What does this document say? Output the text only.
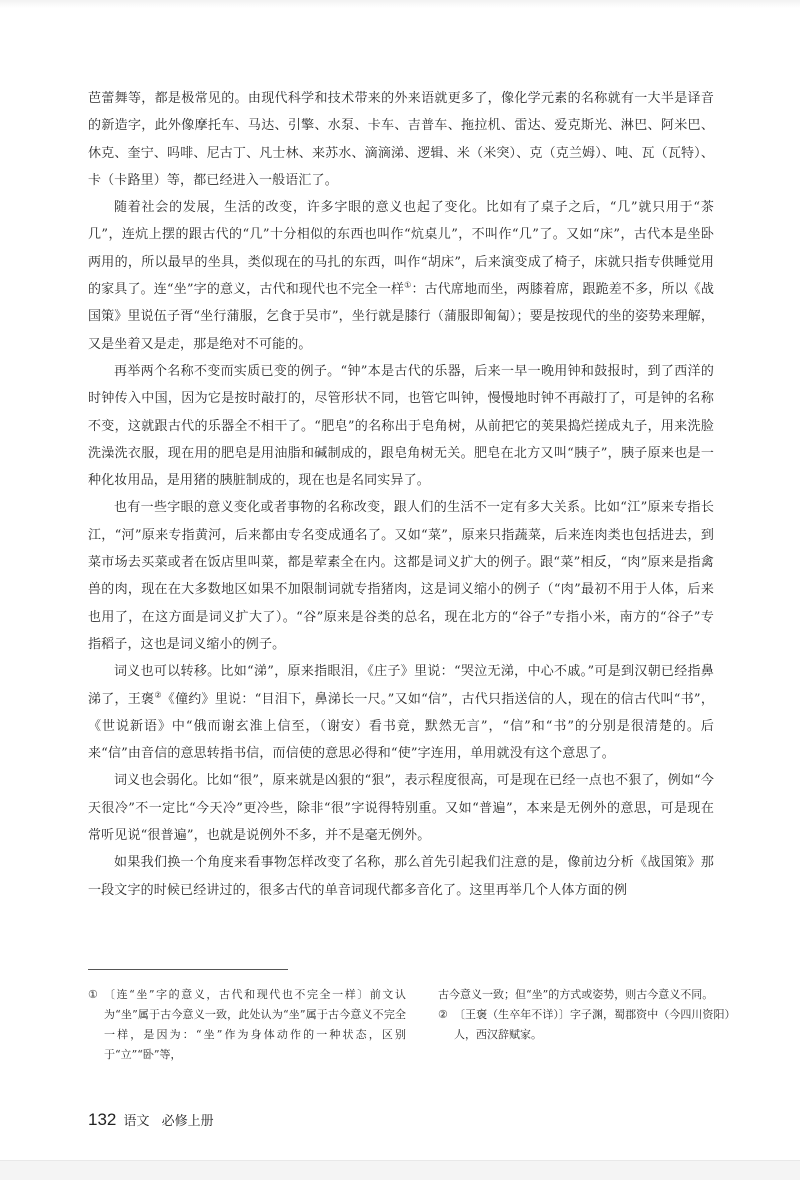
芭蕾舞等，都是极常见的。由现代科学和技术带来的外来语就更多了，像化学元素的名称就有一大半是译音的新造字，此外像摩托车、马达、引擎、水泵、卡车、吉普车、拖拉机、雷达、爱克斯光、淋巴、阿米巴、休克、奎宁、吗啡、尼古丁、凡士林、来苏水、滴滴涕、逻辑、米（米突）、克（克兰姆）、吨、瓦（瓦特）、卡（卡路里）等，都已经进入一般语汇了。

随着社会的发展，生活的改变，许多字眼的意义也起了变化。比如有了桌子之后，“几”就只用于“茶几”，连炕上摆的跟古代的“几”十分相似的东西也叫作“炕桌儿”，不叫作“几”了。又如“床”，古代本是坐卧两用的，所以最早的坐具，类似现在的马扎的东西，叫作“胡床”，后来演变成了椅子，床就只指专供睡觉用的家具了。连“坐”字的意义，古代和现代也不完全一样①：古代席地而坐，两膝着席，跟跪差不多，所以《战国策》里说伍子胥“坐行蒲服，乞食于吴市”，坐行就是膝行（蒲服即匍匐）；要是按现代的坐的姿势来理解，又是坐着又是走，那是绝对不可能的。

再举两个名称不变而实质已变的例子。“钟”本是古代的乐器，后来一早一晚用钟和鼓报时，到了西洋的时钟传入中国，因为它是按时敲打的，尽管形状不同，也管它叫钟，慢慢地时钟不再敲打了，可是钟的名称不变，这就跟古代的乐器全不相干了。“肥皂”的名称出于皂角树，从前把它的荚果捣烂搓成丸子，用来洗脸洗澡洗衣服，现在用的肥皂是用油脂和碱制成的，跟皂角树无关。肥皂在北方又叫“胰子”，胰子原来也是一种化妆用品，是用猪的胰脏制成的，现在也是名同实异了。

也有一些字眼的意义变化或者事物的名称改变，跟人们的生活不一定有多大关系。比如“江”原来专指长江，“河”原来专指黄河，后来都由专名变成通名了。又如“菜”，原来只指蔬菜，后来连肉类也包括进去，到菜市场去买菜或者在饭店里叫菜，都是荤素全在内。这都是词义扩大的例子。跟“菜”相反，“肉”原来是指禽兽的肉，现在在大多数地区如果不加限制词就专指猪肉，这是词义缩小的例子（“肉”最初不用于人体，后来也用了，在这方面是词义扩大了）。“谷”原来是谷类的总名，现在北方的“谷子”专指小米，南方的“谷子”专指稻子，这也是词义缩小的例子。

词义也可以转移。比如“涕”，原来指眼泪，《庄子》里说：“哭泣无涕，中心不戚。”可是到汉朝已经指鼻涕了，王褒②《僮约》里说：“目泪下，鼻涕长一尺。”又如“信”，古代只指送信的人，现在的信古代叫“书”，《世说新语》中“俄而谢玄淮上信至，（谢安）看书竟，默然无言”，“信”和“书”的分别是很清楚的。后来“信”由音信的意思转指书信，而信使的意思必得和“使”字连用，单用就没有这个意思了。

词义也会弱化。比如“很”，原来就是凶狠的“狠”，表示程度很高，可是现在已经一点也不狠了，例如“今天很冷”不一定比“今天冷”更冷些，除非“很”字说得特别重。又如“普遍”，本来是无例外的意思，可是现在常听见说“很普遍”，也就是说例外不多，并不是毫无例外。

如果我们换一个角度来看事物怎样改变了名称，那么首先引起我们注意的是，像前边分析《战国策》那一段文字的时候已经讲过的，很多古代的单音词现代都多音化了。这里再举几个人体方面的例

① 〔连“坐”字的意义，古代和现代也不完全一样〕前文认为“坐”属于古今意义一致，此处认为“坐”属于古今意义不完全一样，是因为：“坐”作为身体动作的一种状态，区别于“立”“卧”等，
古今意义一致；但“坐”的方式或姿势，则古今意义不同。
② 〔王褒（生卒年不详）〕字子渊，蜀郡资中（今四川资阳）人，西汉辞赋家。
132 语文 必修上册
